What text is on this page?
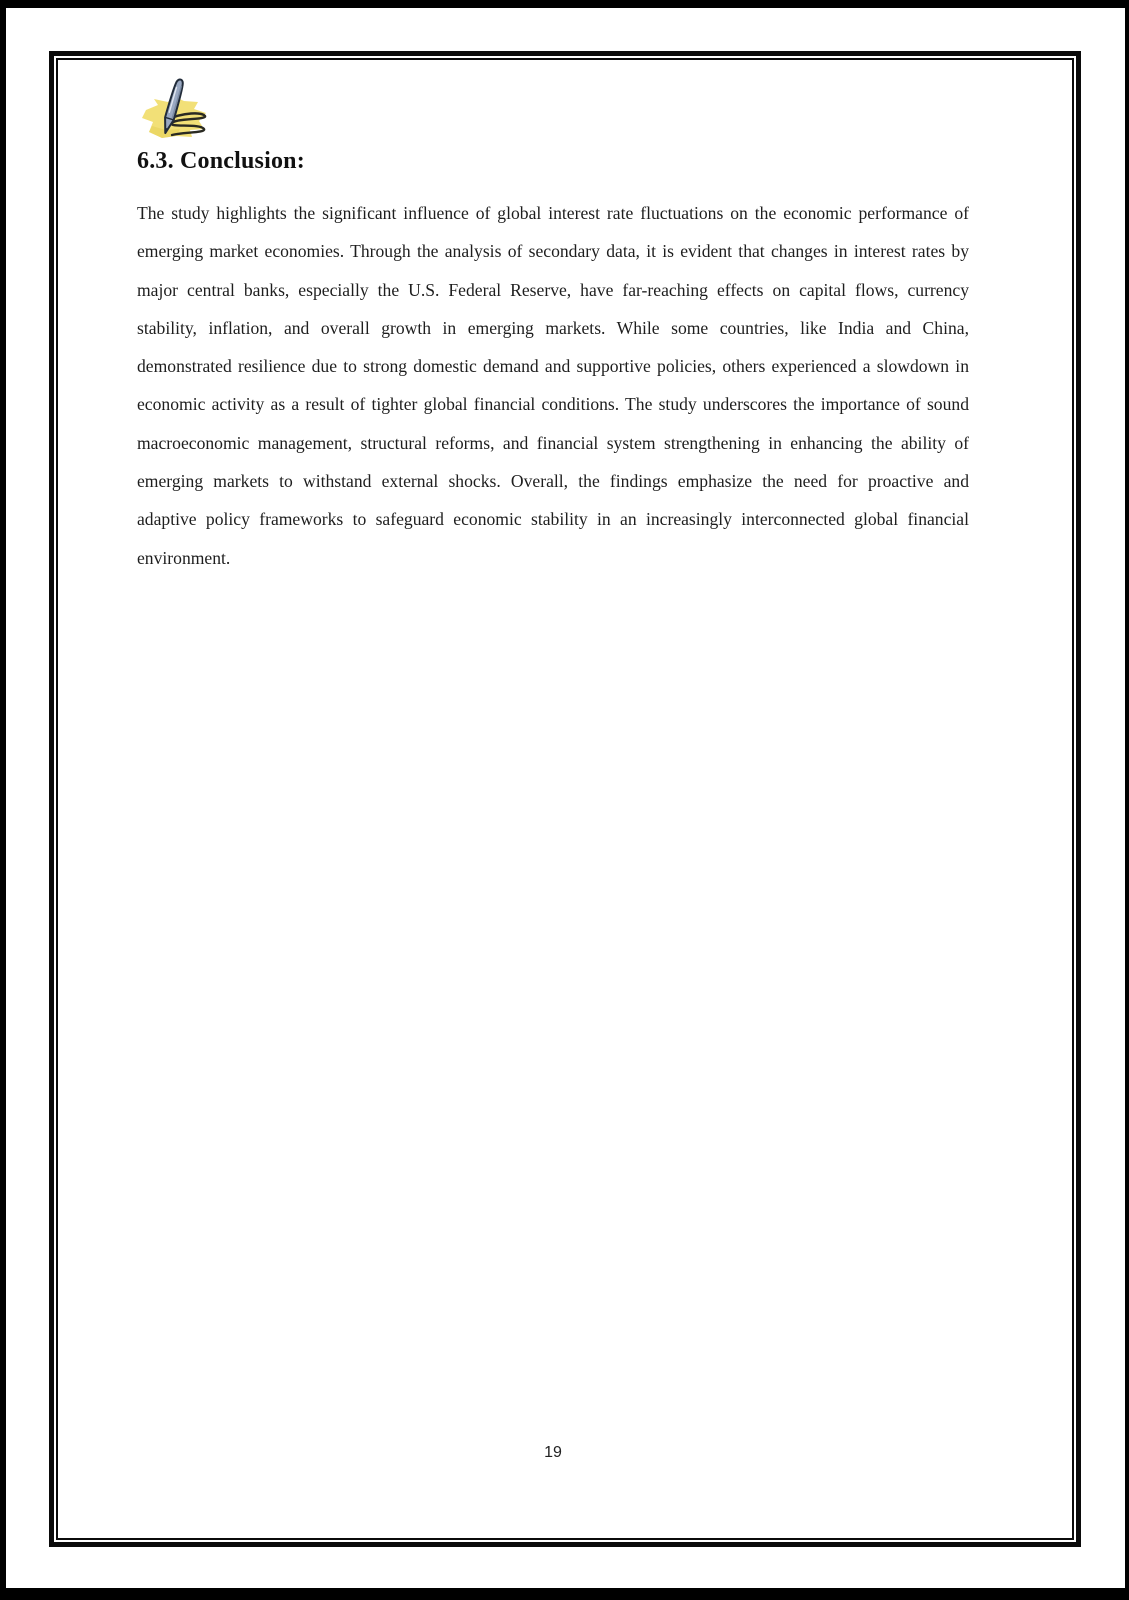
6.3. Conclusion:

The study highlights the significant influence of global interest rate fluctuations on the economic performance of emerging market economies. Through the analysis of secondary data, it is evident that changes in interest rates by major central banks, especially the U.S. Federal Reserve, have far-reaching effects on capital flows, currency stability, inflation, and overall growth in emerging markets. While some countries, like India and China, demonstrated resilience due to strong domestic demand and supportive policies, others experienced a slowdown in economic activity as a result of tighter global financial conditions. The study underscores the importance of sound macroeconomic management, structural reforms, and financial system strengthening in enhancing the ability of emerging markets to withstand external shocks. Overall, the findings emphasize the need for proactive and adaptive policy frameworks to safeguard economic stability in an increasingly interconnected global financial environment.

19
